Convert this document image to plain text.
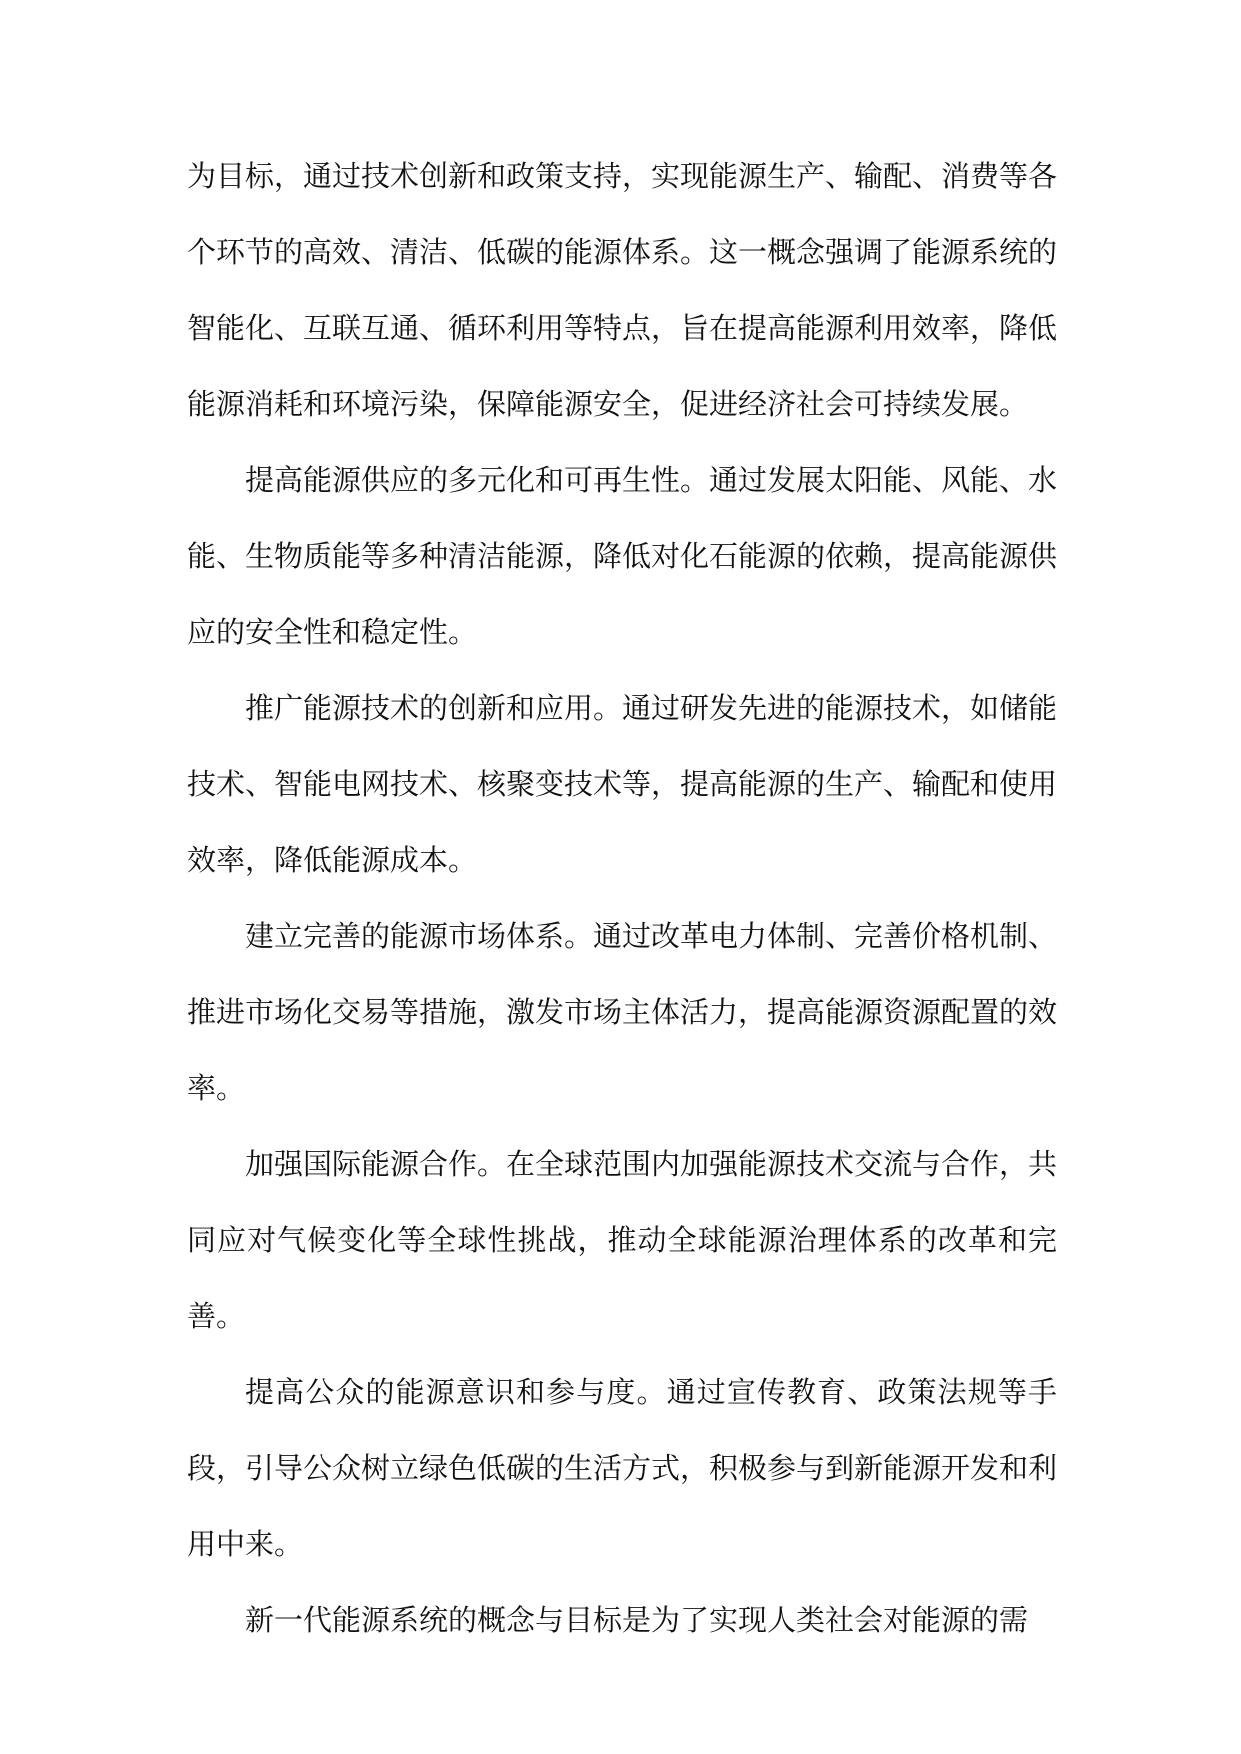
为目标，通过技术创新和政策支持，实现能源生产、输配、消费等各个环节的高效、清洁、低碳的能源体系。这一概念强调了能源系统的智能化、互联互通、循环利用等特点，旨在提高能源利用效率，降低能源消耗和环境污染，保障能源安全，促进经济社会可持续发展。

提高能源供应的多元化和可再生性。通过发展太阳能、风能、水能、生物质能等多种清洁能源，降低对化石能源的依赖，提高能源供应的安全性和稳定性。

推广能源技术的创新和应用。通过研发先进的能源技术，如储能技术、智能电网技术、核聚变技术等，提高能源的生产、输配和使用效率，降低能源成本。

建立完善的能源市场体系。通过改革电力体制、完善价格机制、推进市场化交易等措施，激发市场主体活力，提高能源资源配置的效率。

加强国际能源合作。在全球范围内加强能源技术交流与合作，共同应对气候变化等全球性挑战，推动全球能源治理体系的改革和完善。

提高公众的能源意识和参与度。通过宣传教育、政策法规等手段，引导公众树立绿色低碳的生活方式，积极参与到新能源开发和利用中来。

新一代能源系统的概念与目标是为了实现人类社会对能源的需
